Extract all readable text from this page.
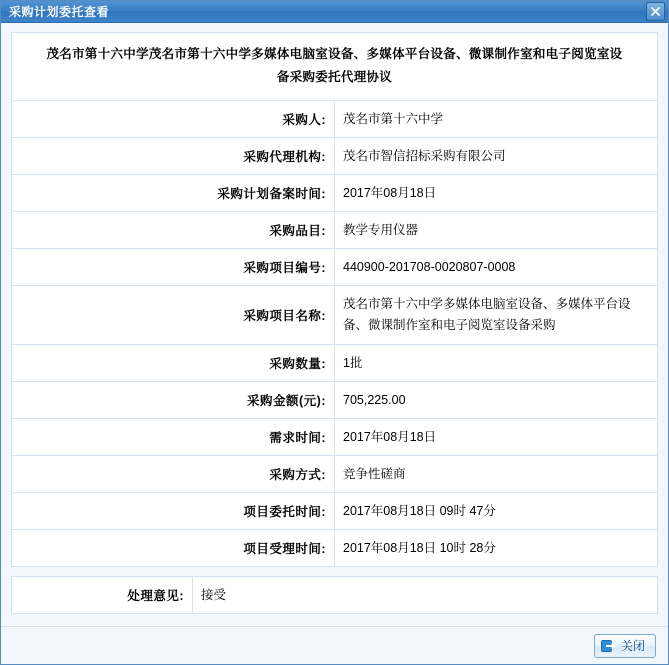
采购计划委托查看
茂名市第十六中学茂名市第十六中学多媒体电脑室设备、多媒体平台设备、微课制作室和电子阅览室设备采购委托代理协议	
采购人:	茂名市第十六中学
采购代理机构:	茂名市智信招标采购有限公司
采购计划备案时间:	2017年08月18日
采购品目:	教学专用仪器
采购项目编号:	440900-201708-0020807-0008
采购项目名称:	茂名市第十六中学多媒体电脑室设备、多媒体平台设备、微课制作室和电子阅览室设备采购
采购数量:	1批
采购金额(元):	705,225.00
需求时间:	2017年08月18日
采购方式:	竞争性磋商
项目委托时间:	2017年08月18日 09时 47分
项目受理时间:	2017年08月18日 10时 28分
处理意见:	接受
关闭
